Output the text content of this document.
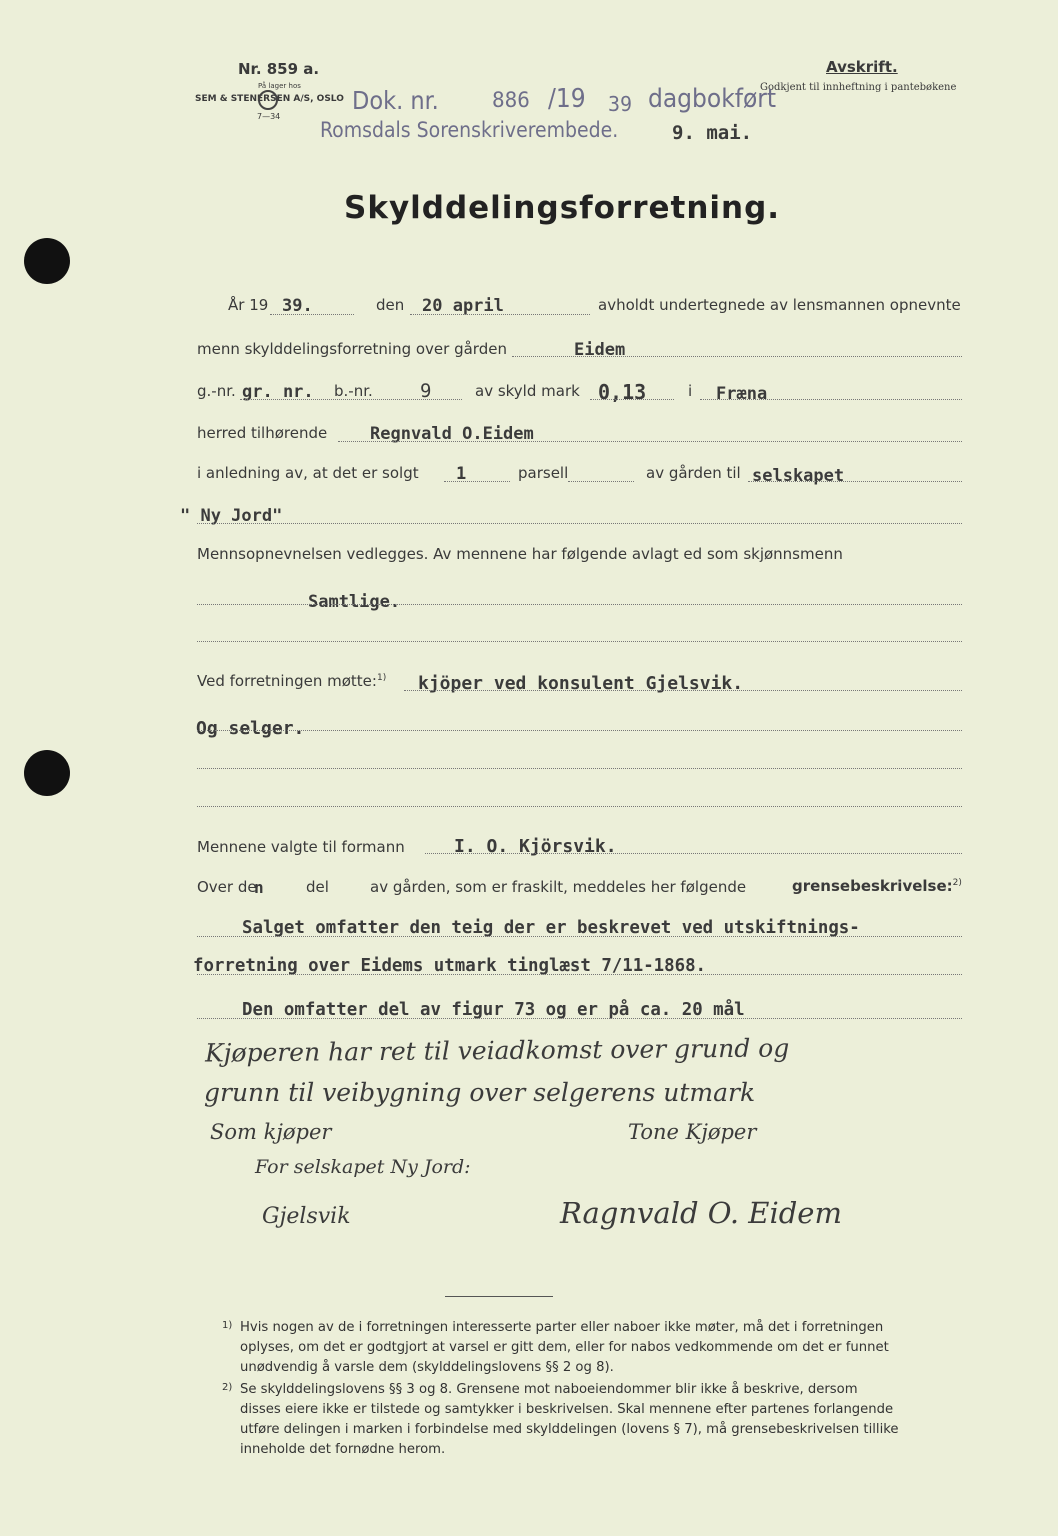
Nr. 859 a.
På lager hos
SEM & STENERSEN A/S, OSLO
7—34
Avskrift.
Godkjent til innheftning i pantebøkene
Dok. nr.	886 /19 39 dagbokført
Romsdals Sorenskriverembede.	9. mai.
Skylddelingsforretning.
År 19 39.	den 20 april	avholdt undertegnede av lensmannen opnevnte
menn skylddelingsforretning over gården	Eidem
g.-nr. gr. nr. b.-nr. 9	av skyld mark 0,13	i Fræna
herred tilhørende	Regnvald O.Eidem
i anledning av, at det er solgt 1	parsell	av gården til selskapet
" Ny Jord"
Mennsopnevnelsen vedlegges. Av mennene har følgende avlagt ed som skjønnsmenn
Samtlige.
Ved forretningen møtte:$^{1)}$ kjöper ved konsulent Gjelsvik.
Og selger.
Mennene valgte til formann	I. O. Kjörsvik.
Over de
n	del	av gården, som er fraskilt, meddeles her følgende	grensebeskrivelse:$^{2)}$
Salget omfatter den teig der er beskrevet ved utskiftnings-
forretning over Eidems utmark tinglæst 7/11-1868.
Den omfatter del av figur 73 og er på ca. 20 mål
Kjøperen har ret til veiadkomst over grund og
grunn til veibygning over selgerens utmark
Som kjøper	Tone Kjøper
For selskapet Ny Jord:
Gjelsvik	Ragnvald O. Eidem
1) Hvis nogen av de i forretningen interesserte parter eller naboer ikke møter, må det i forretningen
oplyses, om det er godtgjort at varsel er gitt dem, eller for nabos vedkommende om det er funnet
unødvendig å varsle dem (skylddelingslovens §§ 2 og 8).
2) Se skylddelingslovens §§ 3 og 8. Grensene mot naboeiendommer blir ikke å beskrive, dersom
disses eiere ikke er tilstede og samtykker i beskrivelsen. Skal mennene efter partenes forlangende
utføre delingen i marken i forbindelse med skylddelingen (lovens § 7), må grensebeskrivelsen tillike
inneholde det fornødne herom.
